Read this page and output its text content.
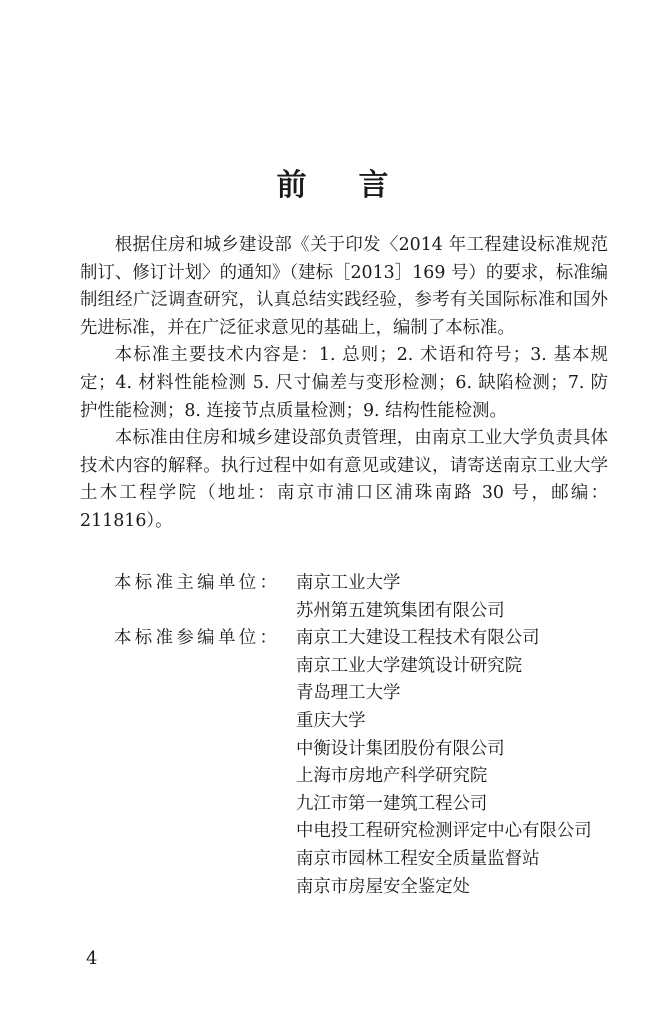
前 言

根据住房和城乡建设部《关于印发〈2014 年工程建设标准规范制订、修订计划〉的通知》（建标［2013］169 号）的要求，标准编制组经广泛调查研究，认真总结实践经验，参考有关国际标准和国外先进标准，并在广泛征求意见的基础上，编制了本标准。

本标准主要技术内容是：1. 总则；2. 术语和符号；3. 基本规定；4. 材料性能检测 5. 尺寸偏差与变形检测；6. 缺陷检测；7. 防护性能检测；8. 连接节点质量检测；9. 结构性能检测。

本标准由住房和城乡建设部负责管理，由南京工业大学负责具体技术内容的解释。执行过程中如有意见或建议，请寄送南京工业大学土木工程学院（地址：南京市浦口区浦珠南路 30 号，邮编：211816）。

本标准主编单位： 南京工业大学
苏州第五建筑集团有限公司
本标准参编单位： 南京工大建设工程技术有限公司
南京工业大学建筑设计研究院
青岛理工大学
重庆大学
中衡设计集团股份有限公司
上海市房地产科学研究院
九江市第一建筑工程公司
中电投工程研究检测评定中心有限公司
南京市园林工程安全质量监督站
南京市房屋安全鉴定处
4
